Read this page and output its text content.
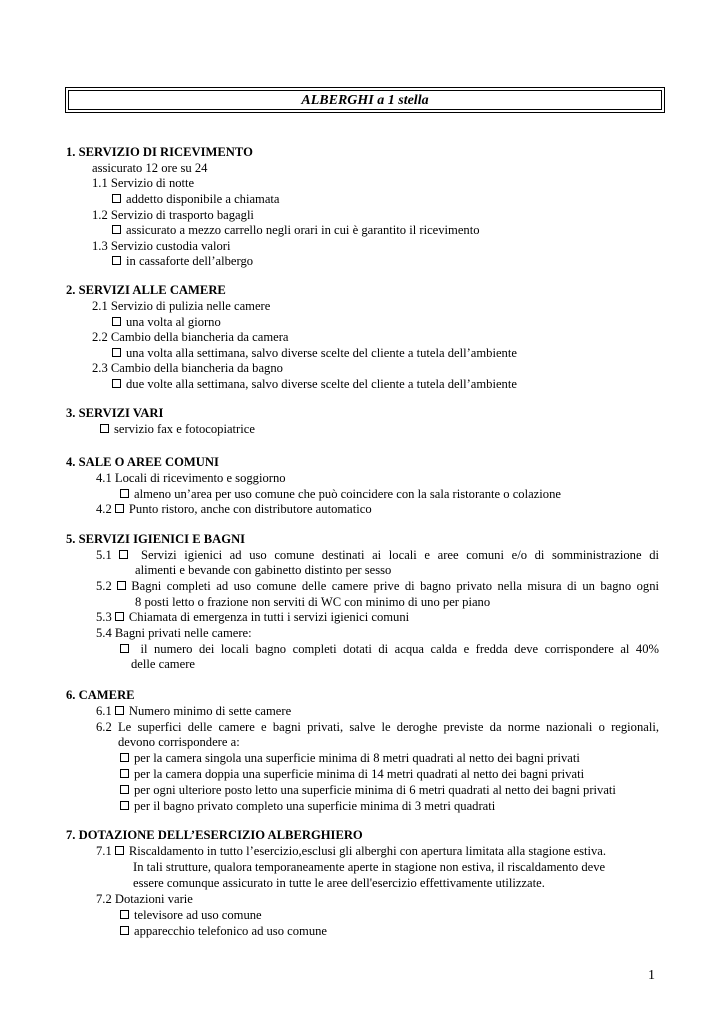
ALBERGHI a 1 stella
1. SERVIZIO DI RICEVIMENTO
assicurato 12 ore su 24
1.1 Servizio di notte
addetto disponibile a chiamata
1.2 Servizio di trasporto bagagli
assicurato a mezzo carrello negli orari in cui è garantito il ricevimento
1.3 Servizio custodia valori
in cassaforte dell’albergo
2. SERVIZI ALLE CAMERE
2.1 Servizio di pulizia nelle camere
una volta al giorno
2.2 Cambio della biancheria da camera
una volta alla settimana, salvo diverse scelte del cliente a tutela dell’ambiente
2.3 Cambio della biancheria da bagno
due volte alla settimana, salvo diverse scelte del cliente a tutela dell’ambiente
3. SERVIZI VARI
servizio fax e fotocopiatrice
4. SALE O AREE COMUNI
4.1 Locali di ricevimento e soggiorno
almeno un’area per uso comune che può coincidere con la sala ristorante o colazione
4.2 Punto ristoro, anche con distributore automatico
5. SERVIZI IGIENICI E BAGNI
5.1 Servizi igienici ad uso comune destinati ai locali e aree comuni e/o di somministrazione di
alimenti e bevande con gabinetto distinto per sesso
5.2 Bagni completi ad uso comune delle camere prive di bagno privato nella misura di un bagno ogni
8 posti letto o frazione non serviti di WC con minimo di uno per piano
5.3 Chiamata di emergenza in tutti i servizi igienici comuni
5.4 Bagni privati nelle camere:
il numero dei locali bagno completi dotati di acqua calda e fredda deve corrispondere al 40%
delle camere
6. CAMERE
6.1 Numero minimo di sette camere
6.2 Le superfici delle camere e bagni privati, salve le deroghe previste da norme nazionali o regionali,
devono corrispondere a:
per la camera singola una superficie minima di 8 metri quadrati al netto dei bagni privati
per la camera doppia una superficie minima di 14 metri quadrati al netto dei bagni privati
per ogni ulteriore posto letto una superficie minima di 6 metri quadrati al netto dei bagni privati
per il bagno privato completo una superficie minima di 3 metri quadrati
7. DOTAZIONE DELL’ESERCIZIO ALBERGHIERO
7.1 Riscaldamento in tutto l’esercizio,esclusi gli alberghi con apertura limitata alla stagione estiva.
In tali strutture, qualora temporaneamente aperte in stagione non estiva, il riscaldamento deve
essere comunque assicurato in tutte le aree dell'esercizio effettivamente utilizzate.
7.2 Dotazioni varie
televisore ad uso comune
apparecchio telefonico ad uso comune
1
